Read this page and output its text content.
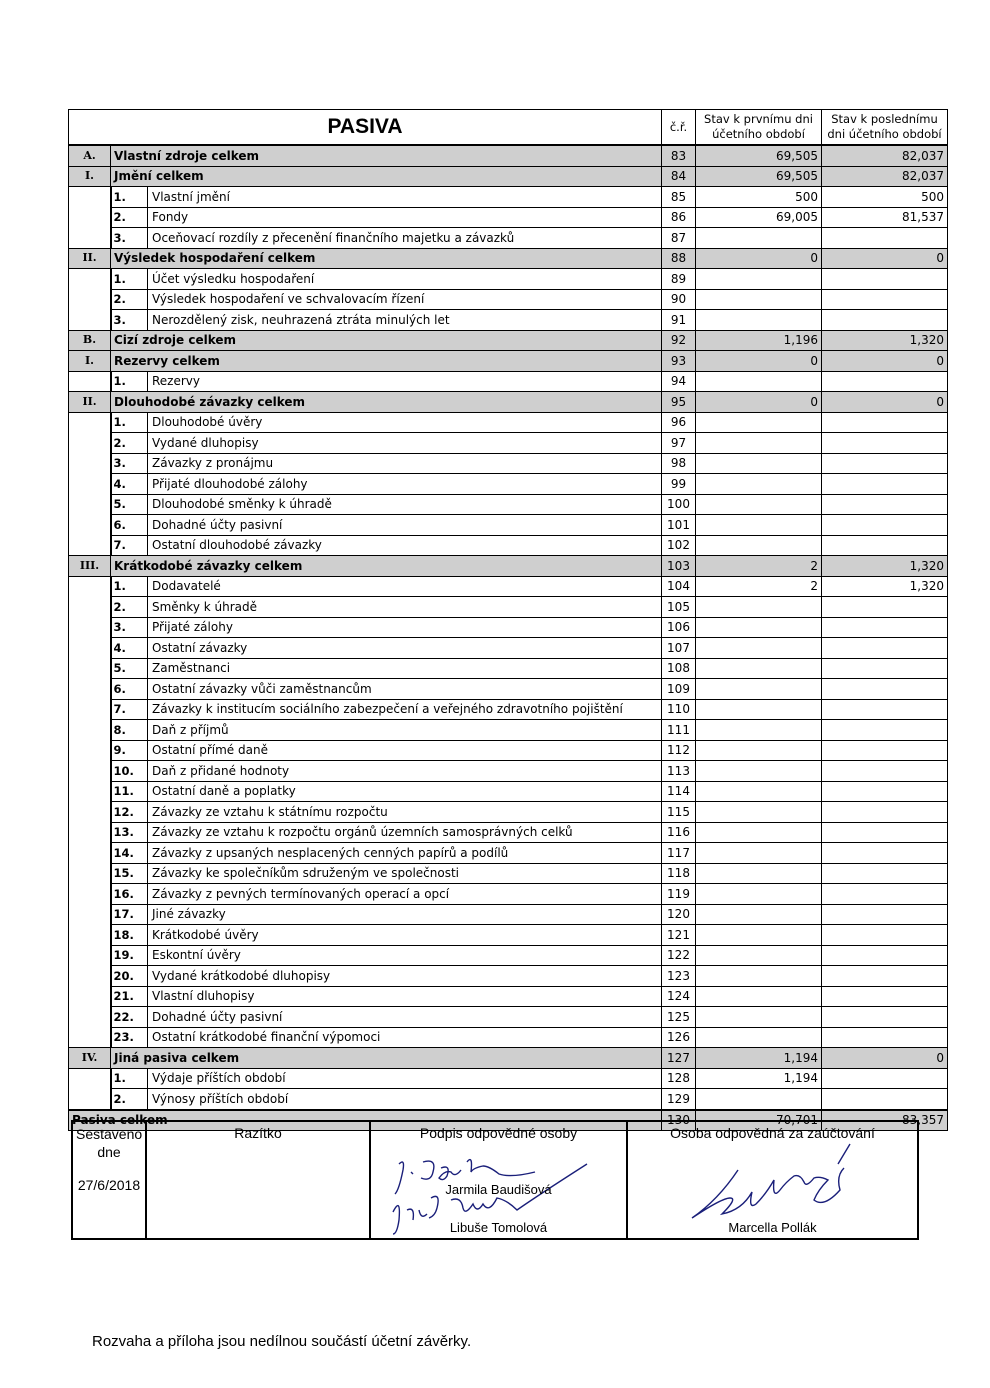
PASIVA			č.ř.	Stav k prvnímu dni účetního období	Stav k poslednímu dni účetního období
A.	Vlastní zdroje celkem		83	69,505	82,037
I.	Jmění celkem		84	69,505	82,037
	1.	Vlastní jmění	85	500	500
	2.	Fondy	86	69,005	81,537
	3.	Oceňovací rozdíly z přecenění finančního majetku a závazků	87		
II.	Výsledek hospodaření celkem		88	0	0
	1.	Účet výsledku hospodaření	89		
	2.	Výsledek hospodaření ve schvalovacím řízení	90		
	3.	Nerozdělený zisk, neuhrazená ztráta minulých let	91		
B.	Cizí zdroje celkem		92	1,196	1,320
I.	Rezervy celkem		93	0	0
	1.	Rezervy	94		
II.	Dlouhodobé závazky celkem		95	0	0
	1.	Dlouhodobé úvěry	96		
	2.	Vydané dluhopisy	97		
	3.	Závazky z pronájmu	98		
	4.	Přijaté dlouhodobé zálohy	99		
	5.	Dlouhodobé směnky k úhradě	100		
	6.	Dohadné účty pasivní	101		
	7.	Ostatní dlouhodobé závazky	102		
III.	Krátkodobé závazky celkem		103	2	1,320
	1.	Dodavatelé	104	2	1,320
	2.	Směnky k úhradě	105		
	3.	Přijaté zálohy	106		
	4.	Ostatní závazky	107		
	5.	Zaměstnanci	108		
	6.	Ostatní závazky vůči zaměstnancům	109		
	7.	Závazky k institucím sociálního zabezpečení a veřejného zdravotního pojištění	110		
	8.	Daň z příjmů	111		
	9.	Ostatní přímé daně	112		
	10.	Daň z přidané hodnoty	113		
	11.	Ostatní daně a poplatky	114		
	12.	Závazky ze vztahu k státnímu rozpočtu	115		
	13.	Závazky ze vztahu k rozpočtu orgánů územních samosprávných celků	116		
	14.	Závazky z upsaných nesplacených cenných papírů a podílů	117		
	15.	Závazky ke společníkům sdruženým ve společnosti	118		
	16.	Závazky z pevných termínovaných operací a opcí	119		
	17.	Jiné závazky	120		
	18.	Krátkodobé úvěry	121		
	19.	Eskontní úvěry	122		
	20.	Vydané krátkodobé dluhopisy	123		
	21.	Vlastní dluhopisy	124		
	22.	Dohadné účty pasivní	125		
	23.	Ostatní krátkodobé finanční výpomoci	126		
IV.	Jiná pasiva celkem		127	1,194	0
	1.	Výdaje příštích období	128	1,194	
	2.	Výnosy příštích období	129		
Pasiva celkem			130	70,701	83,357
Sestaveno dne
27/6/2018

Razítko	Podpis odpovědné osoby
Jarmila Baudišová
Libuše Tomolová

Osoba odpovědná za zaúčtování
Marcella Pollák
Rozvaha a příloha jsou nedílnou součástí účetní závěrky.
